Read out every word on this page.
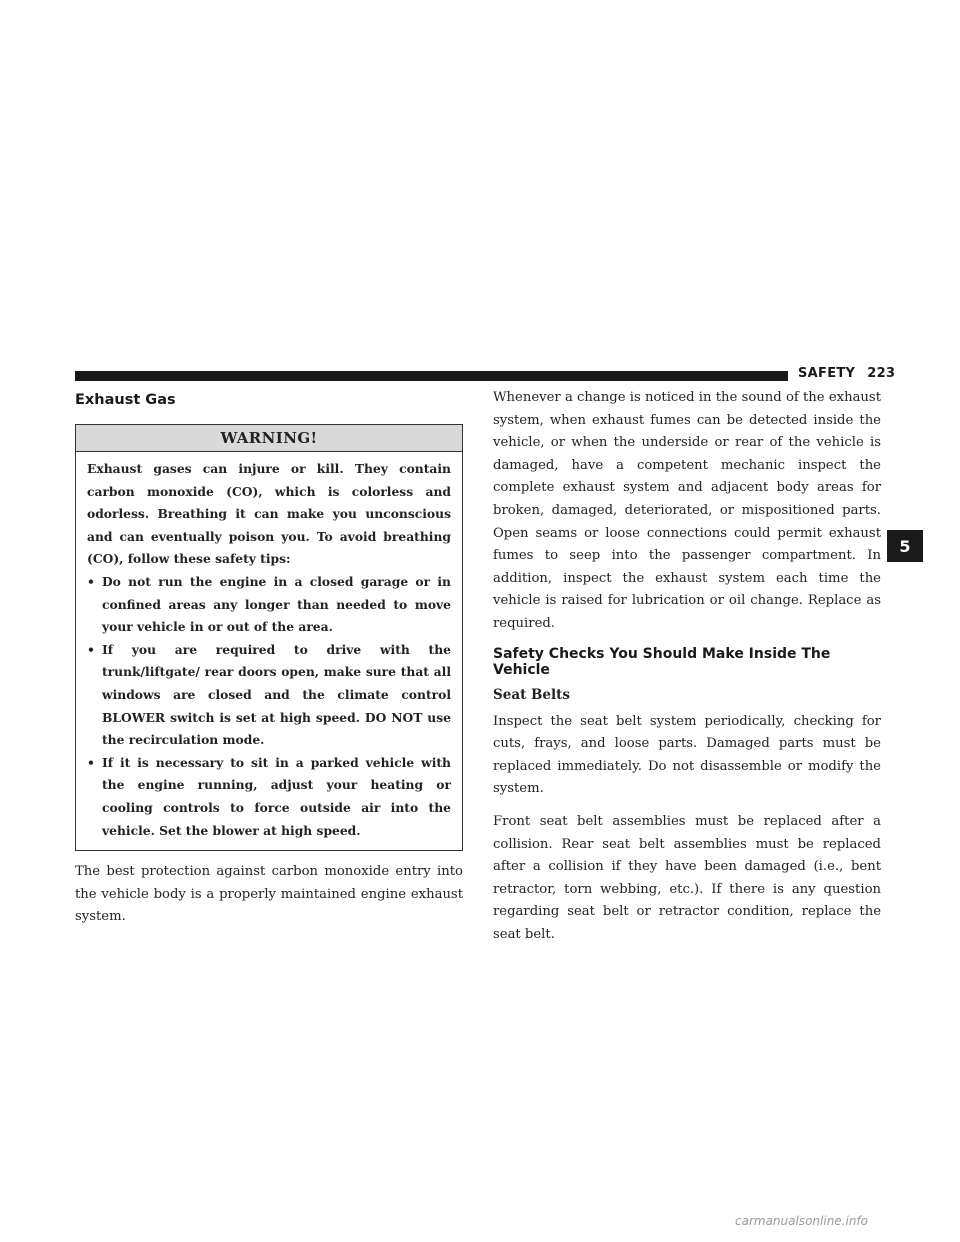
SAFETY 223
5
Exhaust Gas
WARNING!

Exhaust gases can injure or kill. They contain carbon monoxide (CO), which is colorless and odorless. Breathing it can make you unconscious and can eventually poison you. To avoid breathing (CO), follow these safety tips:

• Do not run the engine in a closed garage or in confined areas any longer than needed to move your vehicle in or out of the area.
• If you are required to drive with the trunk/liftgate/ rear doors open, make sure that all windows are closed and the climate control BLOWER switch is set at high speed. DO NOT use the recirculation mode.
• If it is necessary to sit in a parked vehicle with the engine running, adjust your heating or cooling controls to force outside air into the vehicle. Set the blower at high speed.

The best protection against carbon monoxide entry into the vehicle body is a properly maintained engine exhaust system.

Whenever a change is noticed in the sound of the exhaust system, when exhaust fumes can be detected inside the vehicle, or when the underside or rear of the vehicle is damaged, have a competent mechanic inspect the complete exhaust system and adjacent body areas for broken, damaged, deteriorated, or mispositioned parts. Open seams or loose connections could permit exhaust fumes to seep into the passenger compartment. In addition, inspect the exhaust system each time the vehicle is raised for lubrication or oil change. Replace as required.

Safety Checks You Should Make Inside The Vehicle
Seat Belts

Inspect the seat belt system periodically, checking for cuts, frays, and loose parts. Damaged parts must be replaced immediately. Do not disassemble or modify the system.

Front seat belt assemblies must be replaced after a collision. Rear seat belt assemblies must be replaced after a collision if they have been damaged (i.e., bent retractor, torn webbing, etc.). If there is any question regarding seat belt or retractor condition, replace the seat belt.

carmanualsonline.info
